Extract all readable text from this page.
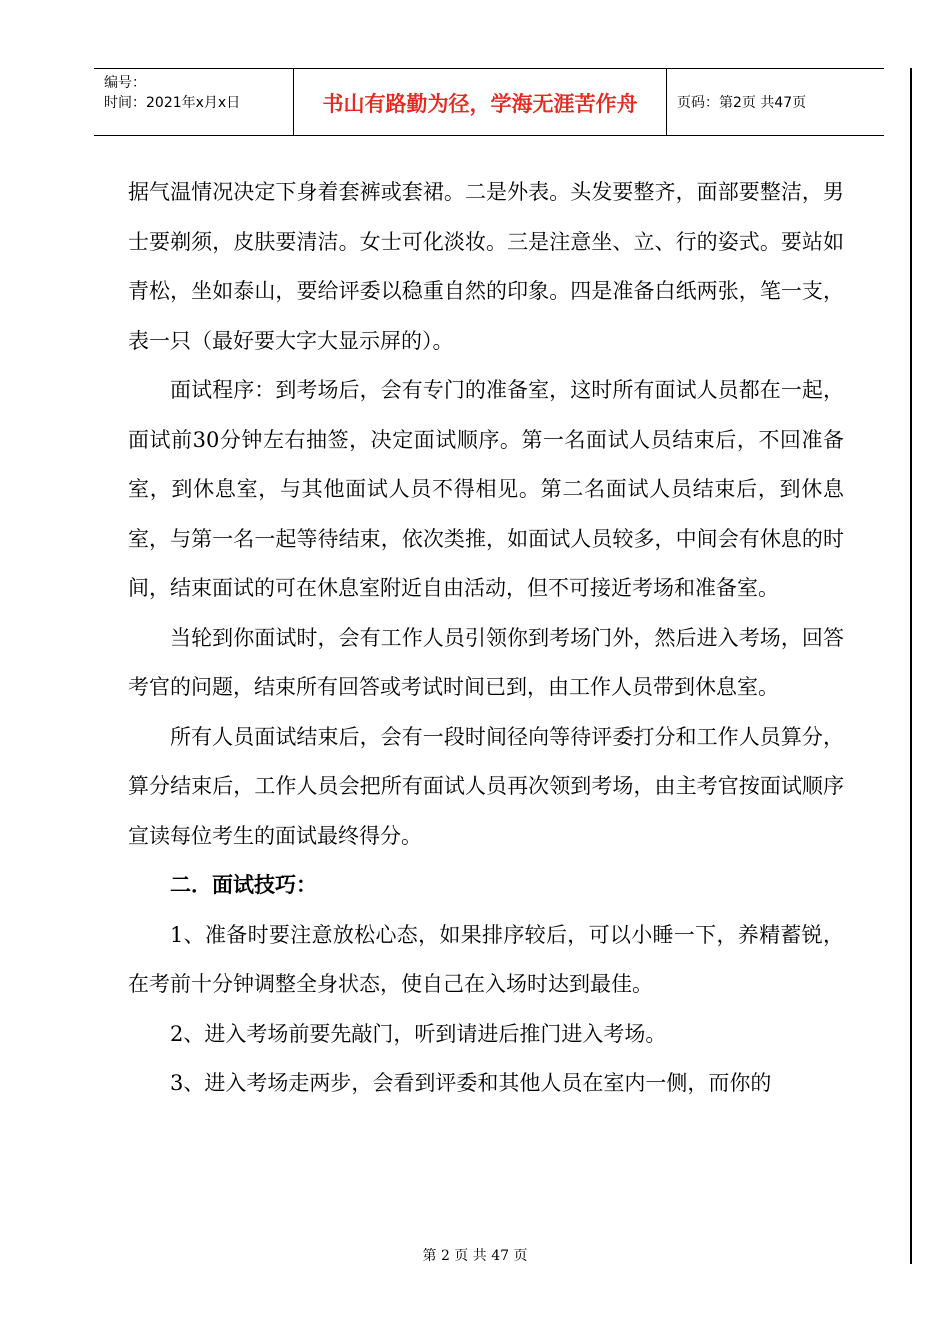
编号：
时间：2021年x月x日	书山有路勤为径，学海无涯苦作舟	页码：第2页 共47页

据气温情况决定下身着套裤或套裙。二是外表。头发要整齐，面部要整洁，男士要剃须，皮肤要清洁。女士可化淡妆。三是注意坐、立、行的姿式。要站如青松，坐如泰山，要给评委以稳重自然的印象。四是准备白纸两张，笔一支，表一只（最好要大字大显示屏的）。

面试程序：到考场后，会有专门的准备室，这时所有面试人员都在一起，面试前30分钟左右抽签，决定面试顺序。第一名面试人员结束后，不回准备室，到休息室，与其他面试人员不得相见。第二名面试人员结束后，到休息室，与第一名一起等待结束，依次类推，如面试人员较多，中间会有休息的时间，结束面试的可在休息室附近自由活动，但不可接近考场和准备室。

当轮到你面试时，会有工作人员引领你到考场门外，然后进入考场，回答考官的问题，结束所有回答或考试时间已到，由工作人员带到休息室。

所有人员面试结束后，会有一段时间径向等待评委打分和工作人员算分，算分结束后，工作人员会把所有面试人员再次领到考场，由主考官按面试顺序宣读每位考生的面试最终得分。

二．面试技巧：

1、准备时要注意放松心态，如果排序较后，可以小睡一下，养精蓄锐，在考前十分钟调整全身状态，使自己在入场时达到最佳。

2、进入考场前要先敲门，听到请进后推门进入考场。

3、进入考场走两步，会看到评委和其他人员在室内一侧，而你的

第 2 页 共 47 页
